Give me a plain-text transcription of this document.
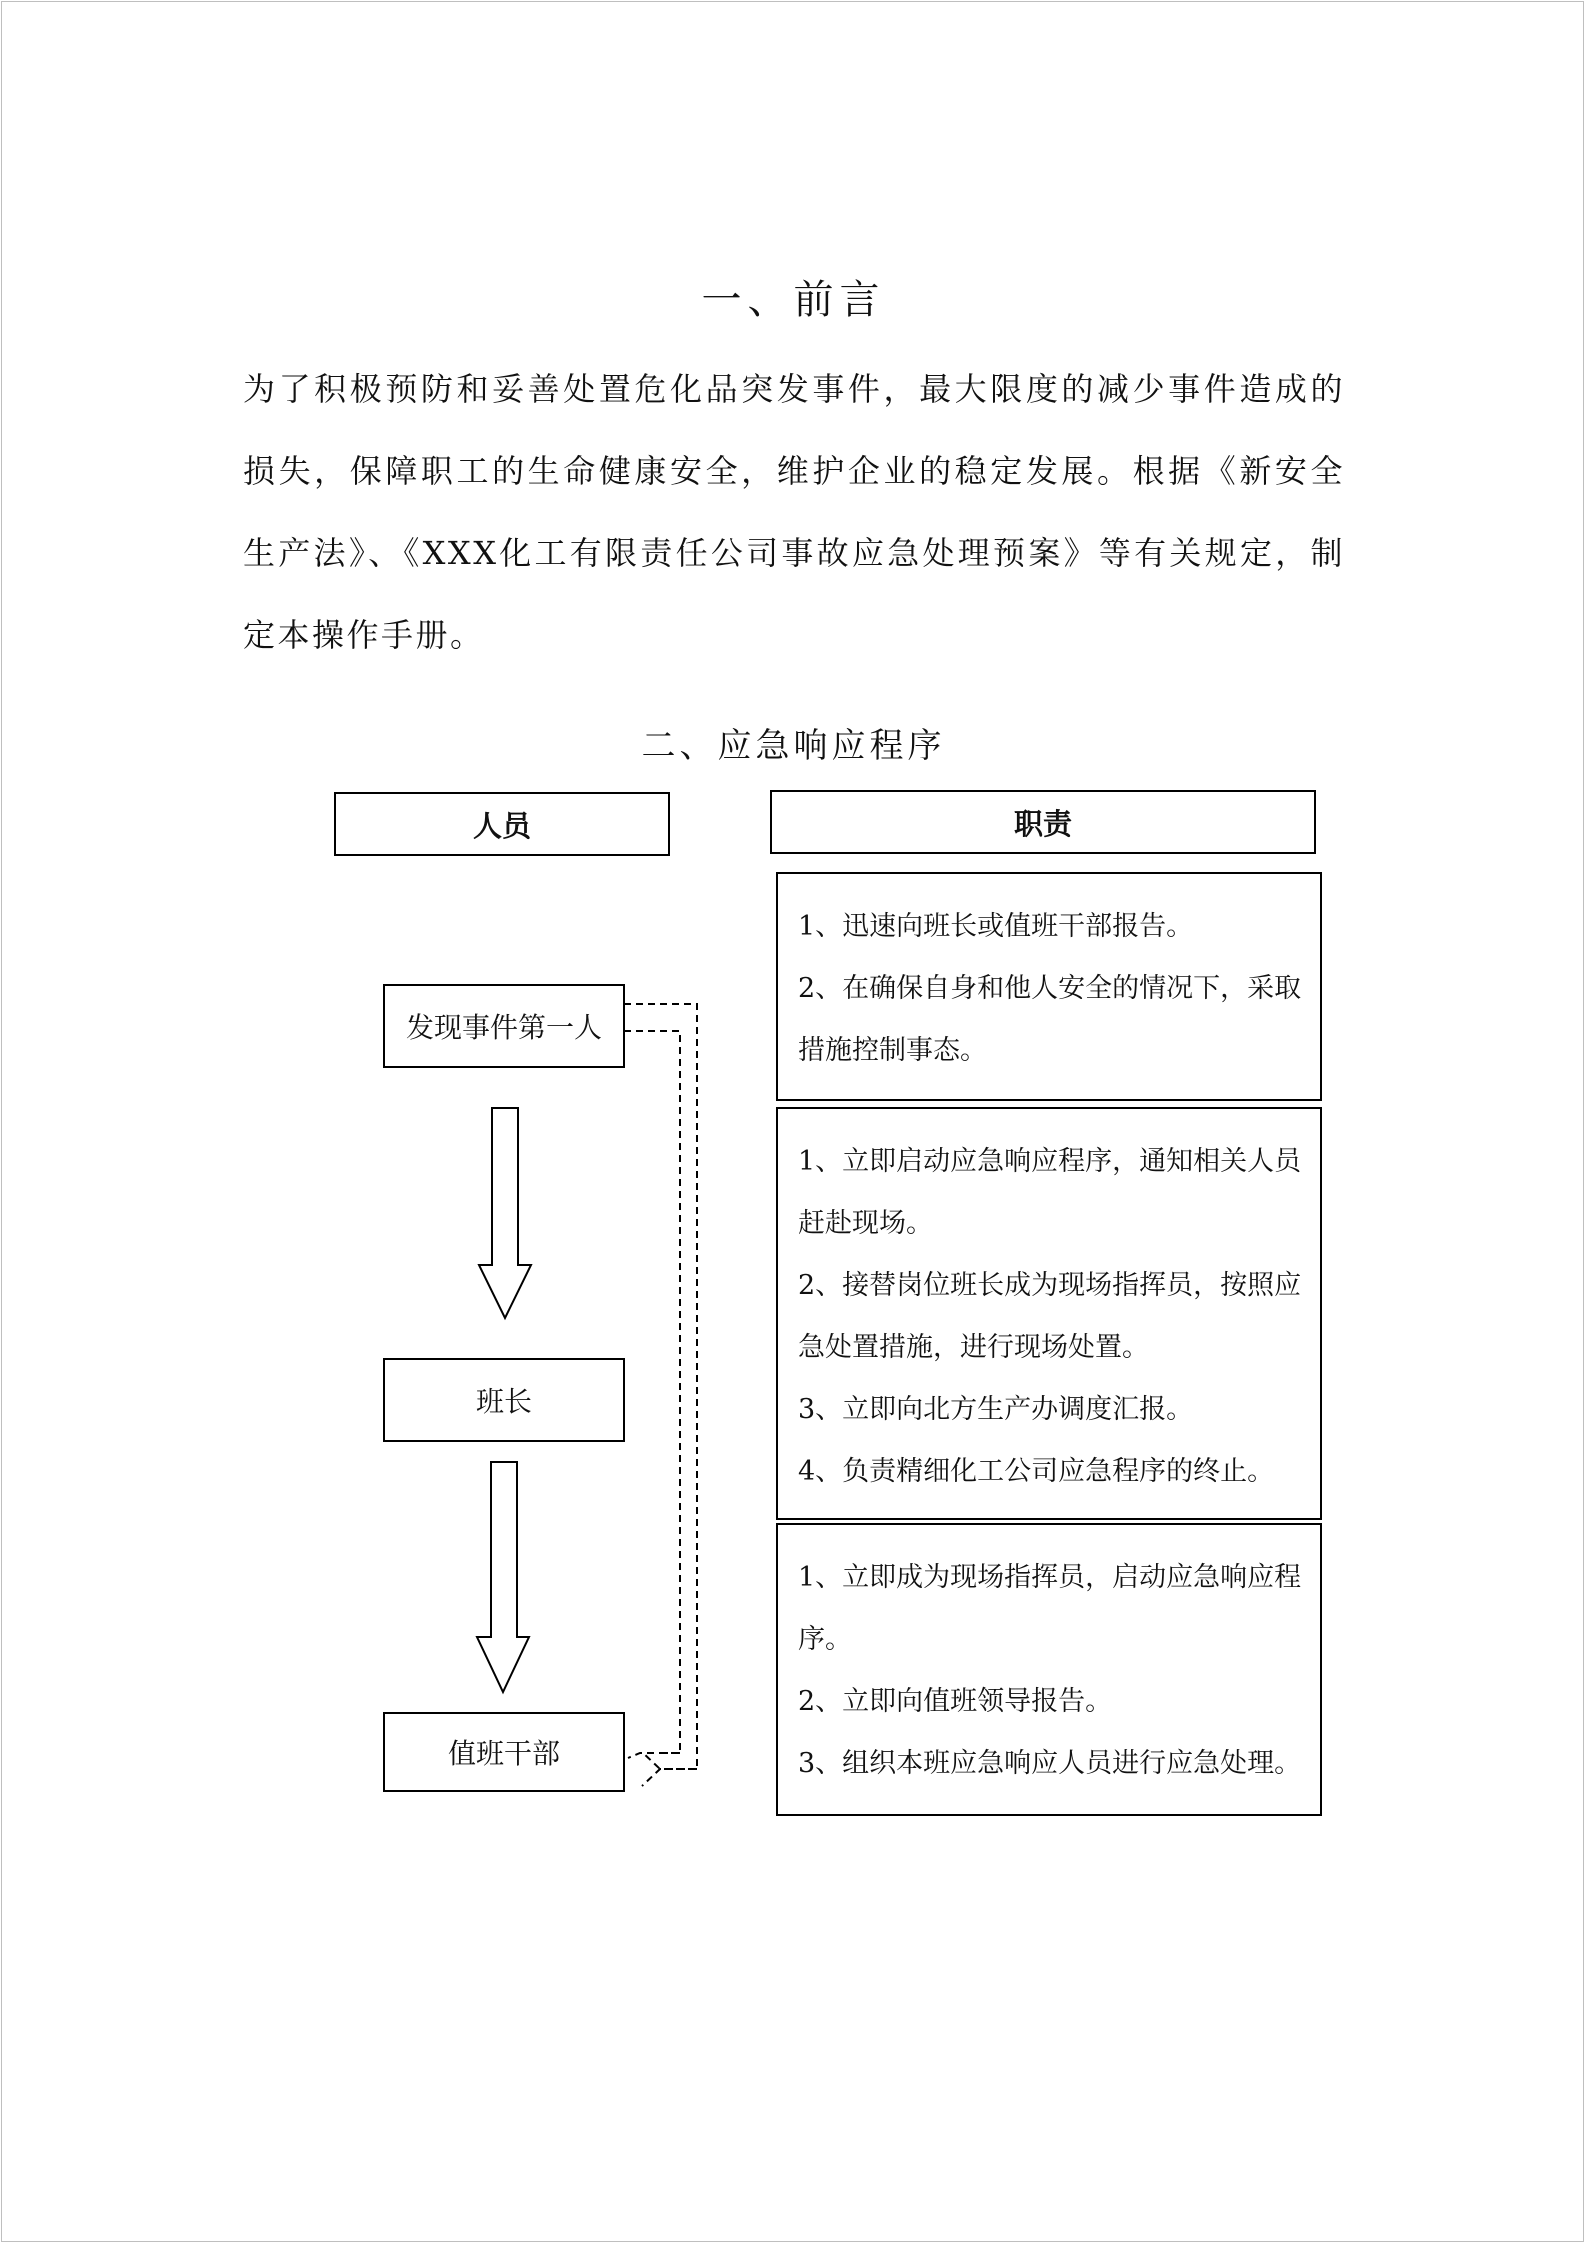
一、前言
为了积极预防和妥善处置危化品突发事件，最大限度的减少事件造成的损失，保障职工的生命健康安全，维护企业的稳定发展。根据《新安全生产法》、《XXX化工有限责任公司事故应急处理预案》等有关规定，制定本操作手册。
二、应急响应程序
人员	职责
发现事件第一人
班长
值班干部

1、迅速向班长或值班干部报告。

2、在确保自身和他人安全的情况下，采取措施控制事态。

1、立即启动应急响应程序，通知相关人员赶赴现场。

2、接替岗位班长成为现场指挥员，按照应急处置措施，进行现场处置。

3、立即向北方生产办调度汇报。

4、负责精细化工公司应急程序的终止。

1、立即成为现场指挥员，启动应急响应程序。

2、立即向值班领导报告。

3、组织本班应急响应人员进行应急处理。
